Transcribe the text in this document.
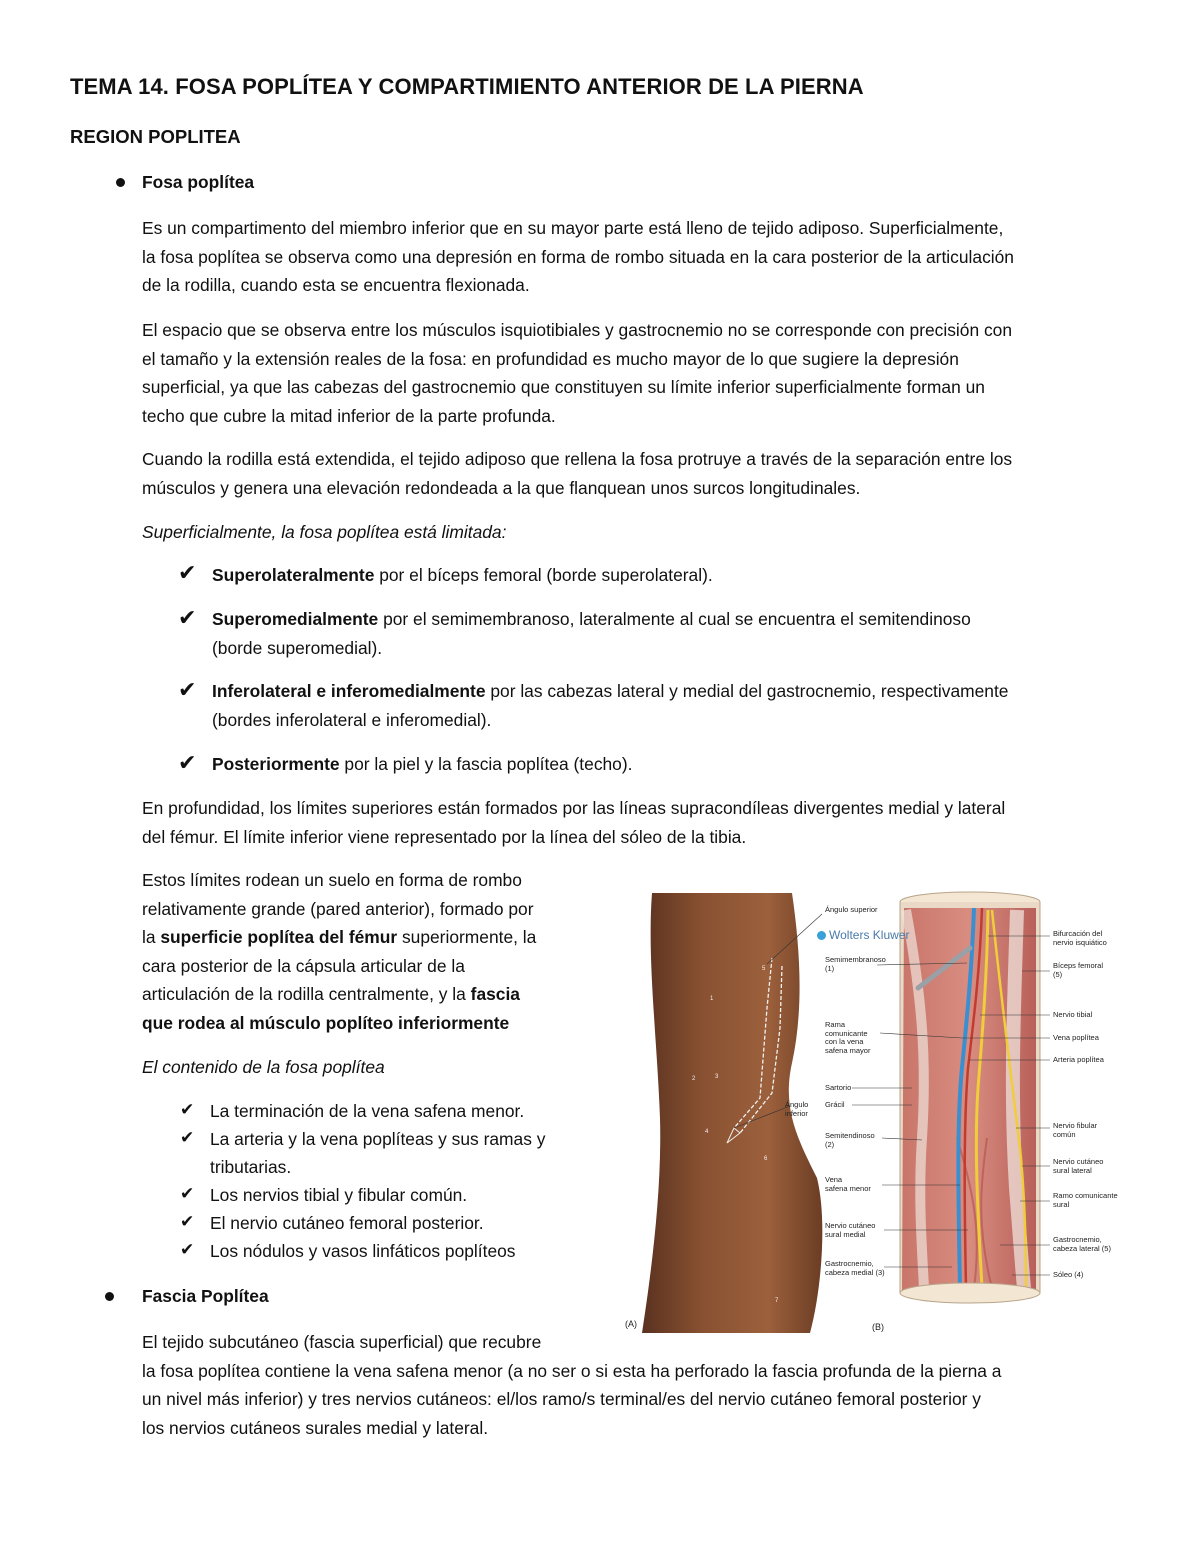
TEMA 14. FOSA POPLÍTEA Y COMPARTIMIENTO ANTERIOR DE LA PIERNA
REGION POPLITEA
Fosa poplítea
Es un compartimento del miembro inferior que en su mayor parte está lleno de tejido adiposo. Superficialmente,
la fosa poplítea se observa como una depresión en forma de rombo situada en la cara posterior de la articulación
de la rodilla, cuando esta se encuentra flexionada.
El espacio que se observa entre los músculos isquiotibiales y gastrocnemio no se corresponde con precisión con
el tamaño y la extensión reales de la fosa: en profundidad es mucho mayor de lo que sugiere la depresión
superficial, ya que las cabezas del gastrocnemio que constituyen su límite inferior superficialmente forman un
techo que cubre la mitad inferior de la parte profunda.
Cuando la rodilla está extendida, el tejido adiposo que rellena la fosa protruye a través de la separación entre los
músculos y genera una elevación redondeada a la que flanquean unos surcos longitudinales.
Superficialmente, la fosa poplítea está limitada:
✔ Superolateralmente por el bíceps femoral (borde superolateral).
✔ Superomedialmente por el semimembranoso, lateralmente al cual se encuentra el semitendinoso
(borde superomedial).
✔ Inferolateral e inferomedialmente por las cabezas lateral y medial del gastrocnemio, respectivamente
(bordes inferolateral e inferomedial).
✔ Posteriormente por la piel y la fascia poplítea (techo).
En profundidad, los límites superiores están formados por las líneas supracondíleas divergentes medial y lateral
del fémur. El límite inferior viene representado por la línea del sóleo de la tibia.
Estos límites rodean un suelo en forma de rombo
relativamente grande (pared anterior), formado por
la superficie poplítea del fémur superiormente, la
cara posterior de la cápsula articular de la
articulación de la rodilla centralmente, y la fascia
que rodea al músculo poplíteo inferiormente
El contenido de la fosa poplítea
✔ La terminación de la vena safena menor.
✔ La arteria y la vena poplíteas y sus ramas y
tributarias.
✔ Los nervios tibial y fibular común.
✔ El nervio cutáneo femoral posterior.
✔ Los nódulos y vasos linfáticos poplíteos
Fascia Poplítea
El tejido subcutáneo (fascia superficial) que recubre
la fosa poplítea contiene la vena safena menor (a no ser o si esta ha perforado la fascia profunda de la pierna a
un nivel más inferior) y tres nervios cutáneos: el/los ramo/s terminal/es del nervio cutáneo femoral posterior y
los nervios cutáneos surales medial y lateral.
1
2	3
4
5
6
7
Wolters Kluwer
Ángulo superior
Ángulo
inferior
(A)	(B)
Semimembranoso
(1)
Rama
comunicante
con la vena
safena mayor
Sartorio
Grácil
Semitendinoso
(2)
Vena
safena menor
Nervio cutáneo
sural medial
Gastrocnemio,
cabeza medial (3)
Bifurcación del
nervio isquiático
Bíceps femoral
(5)
Nervio tibial
Vena poplítea
Arteria poplítea
Nervio fibular
común
Nervio cutáneo
sural lateral
Ramo comunicante
sural
Gastrocnemio,
cabeza lateral (5)
Sóleo (4)
